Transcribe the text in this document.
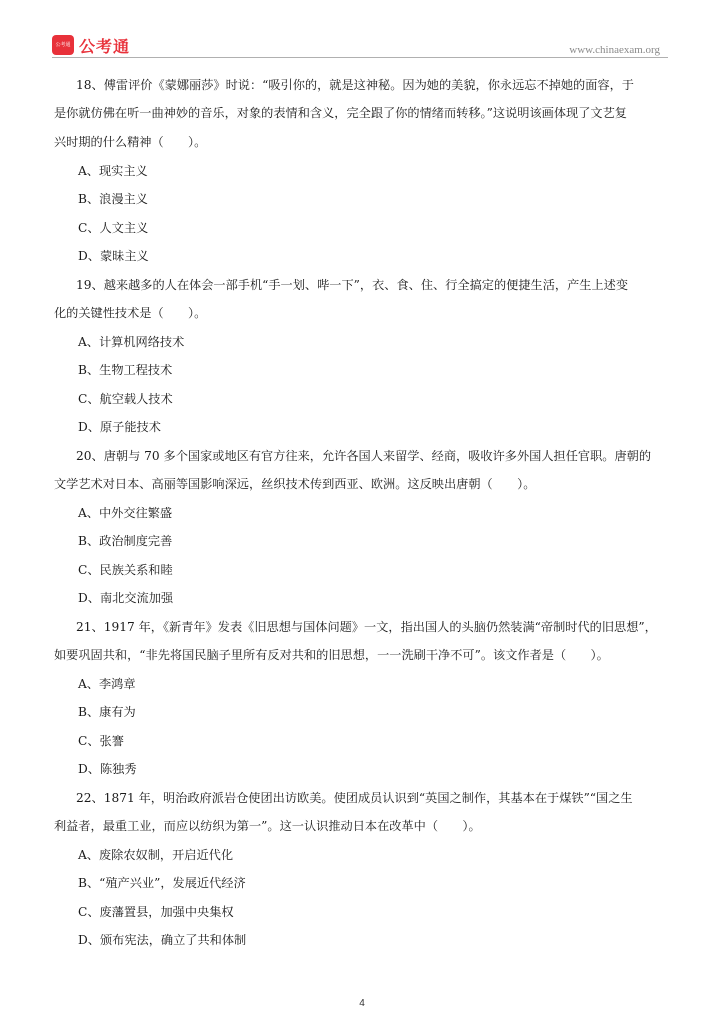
公考通 公考通	www.chinaexam.org
18、傅雷评价《蒙娜丽莎》时说：“吸引你的，就是这神秘。因为她的美貌，你永远忘不掉她的面容，于
是你就仿佛在听一曲神妙的音乐，对象的表情和含义，完全跟了你的情绪而转移。”这说明该画体现了文艺复
兴时期的什么精神（　　）。
A、现实主义
B、浪漫主义
C、人文主义
D、蒙昧主义
19、越来越多的人在体会一部手机“手一划、哔一下”，衣、食、住、行全搞定的便捷生活，产生上述变
化的关键性技术是（　　）。
A、计算机网络技术
B、生物工程技术
C、航空载人技术
D、原子能技术
20、唐朝与 70 多个国家或地区有官方往来，允许各国人来留学、经商，吸收许多外国人担任官职。唐朝的
文学艺术对日本、高丽等国影响深远，丝织技术传到西亚、欧洲。这反映出唐朝（　　）。
A、中外交往繁盛
B、政治制度完善
C、民族关系和睦
D、南北交流加强
21、1917 年，《新青年》发表《旧思想与国体问题》一文，指出国人的头脑仍然装满“帝制时代的旧思想”，
如要巩固共和，“非先将国民脑子里所有反对共和的旧思想，一一洗刷干净不可”。该文作者是（　　）。
A、李鸿章
B、康有为
C、张謇
D、陈独秀
22、1871 年，明治政府派岩仓使团出访欧美。使团成员认识到“英国之制作，其基本在于煤铁”“国之生
利益者，最重工业，而应以纺织为第一”。这一认识推动日本在改革中（　　）。
A、废除农奴制，开启近代化
B、“殖产兴业”，发展近代经济
C、废藩置县，加强中央集权
D、颁布宪法，确立了共和体制
4
